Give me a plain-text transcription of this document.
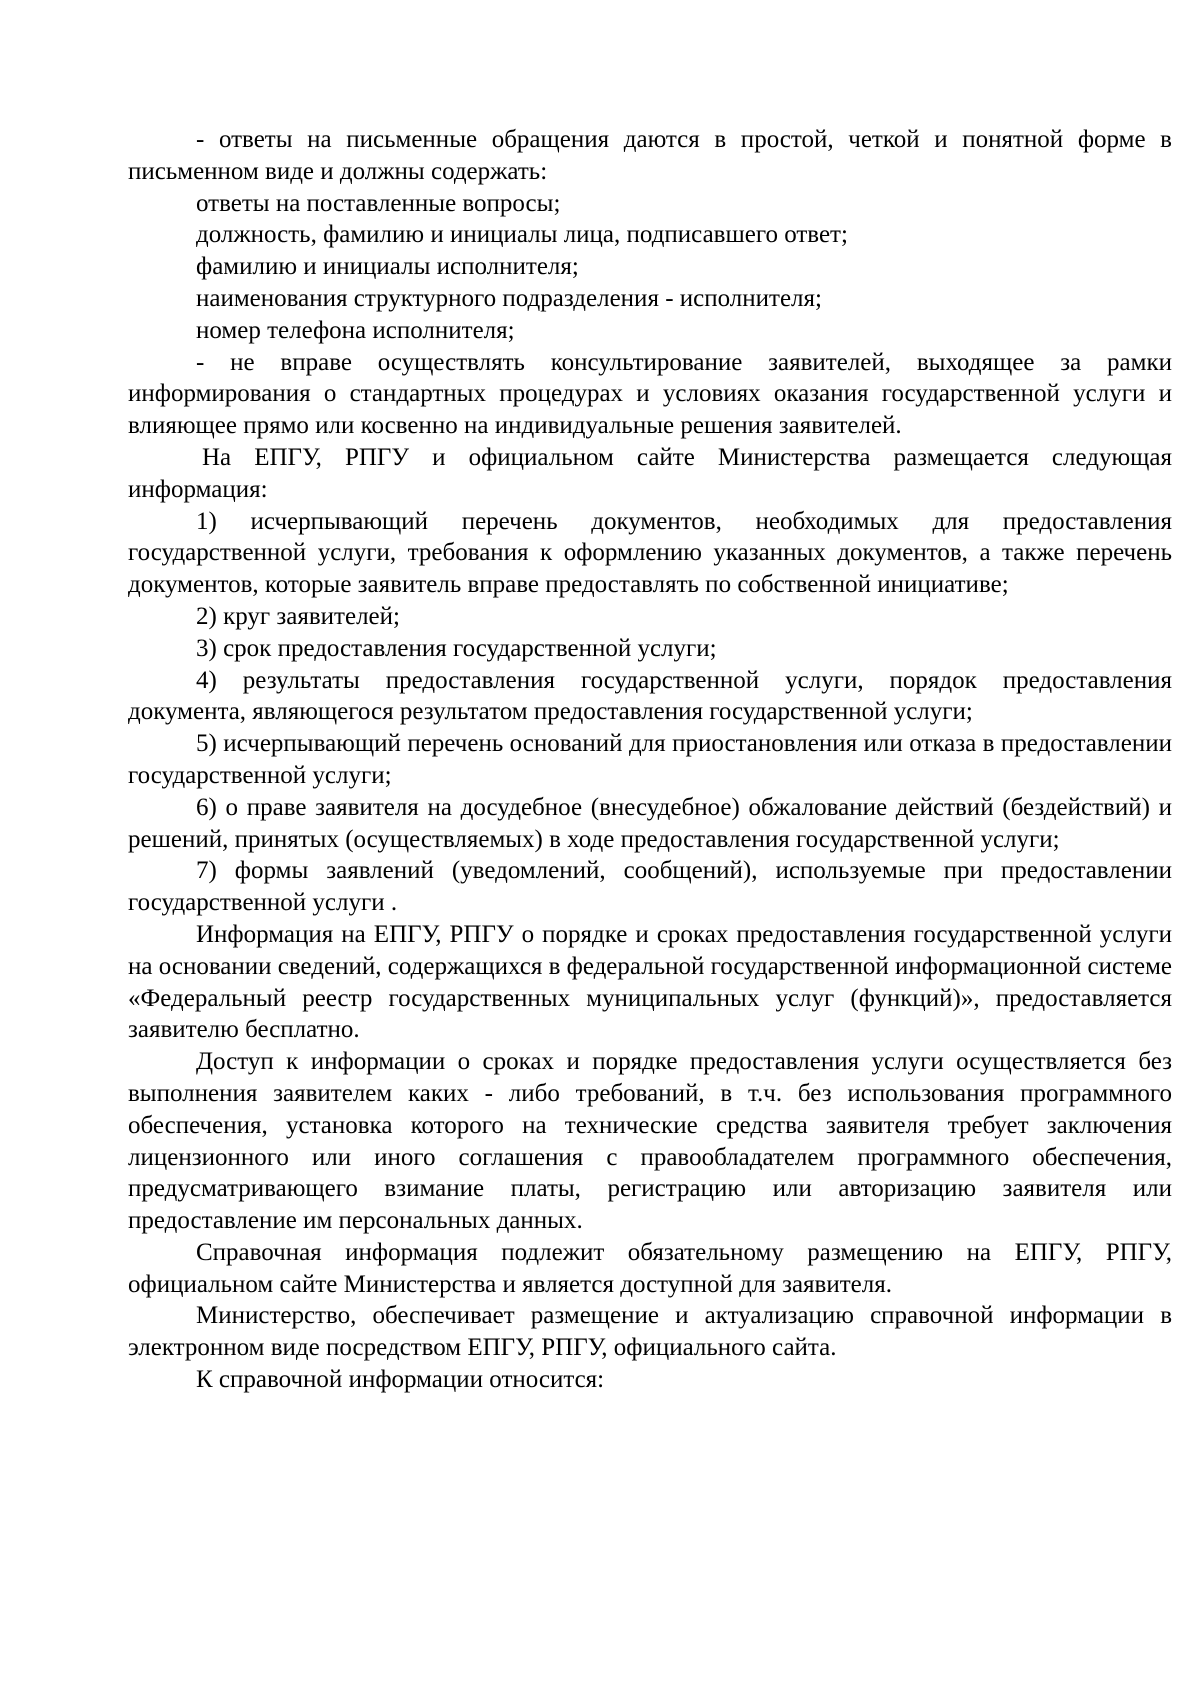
- ответы на письменные обращения даются в простой, четкой и понятной форме в письменном виде и должны содержать:

ответы на поставленные вопросы;

должность, фамилию и инициалы лица, подписавшего ответ;

фамилию и инициалы исполнителя;

наименования структурного подразделения - исполнителя;

номер телефона исполнителя;

- не вправе осуществлять консультирование заявителей, выходящее за рамки информирования о стандартных процедурах и условиях оказания государственной услуги и влияющее прямо или косвенно на индивидуальные решения заявителей.

На ЕПГУ, РПГУ и официальном сайте Министерства размещается следующая информация:

1) исчерпывающий перечень документов, необходимых для предоставления государственной услуги, требования к оформлению указанных документов, а также перечень документов, которые заявитель вправе предоставлять по собственной инициативе;

2) круг заявителей;

3) срок предоставления государственной услуги;

4) результаты предоставления государственной услуги, порядок предоставления документа, являющегося результатом предоставления государственной услуги;

5) исчерпывающий перечень оснований для приостановления или отказа в предоставлении государственной услуги;

6) о праве заявителя на досудебное (внесудебное) обжалование действий (бездействий) и решений, принятых (осуществляемых) в ходе предоставления государственной услуги;

7) формы заявлений (уведомлений, сообщений), используемые при предоставлении государственной услуги .

Информация на ЕПГУ, РПГУ о порядке и сроках предоставления государственной услуги на основании сведений, содержащихся в федеральной государственной информационной системе «Федеральный реестр государственных муниципальных услуг (функций)», предоставляется заявителю бесплатно.

Доступ к информации о сроках и порядке предоставления услуги осуществляется без выполнения заявителем каких - либо требований, в т.ч. без использования программного обеспечения, установка которого на технические средства заявителя требует заключения лицензионного или иного соглашения с правообладателем программного обеспечения, предусматривающего взимание платы, регистрацию или авторизацию заявителя или предоставление им персональных данных.

Справочная информация подлежит обязательному размещению на ЕПГУ, РПГУ, официальном сайте Министерства и является доступной для заявителя.

Министерство, обеспечивает размещение и актуализацию справочной информации в электронном виде посредством ЕПГУ, РПГУ, официального сайта.

К справочной информации относится:
